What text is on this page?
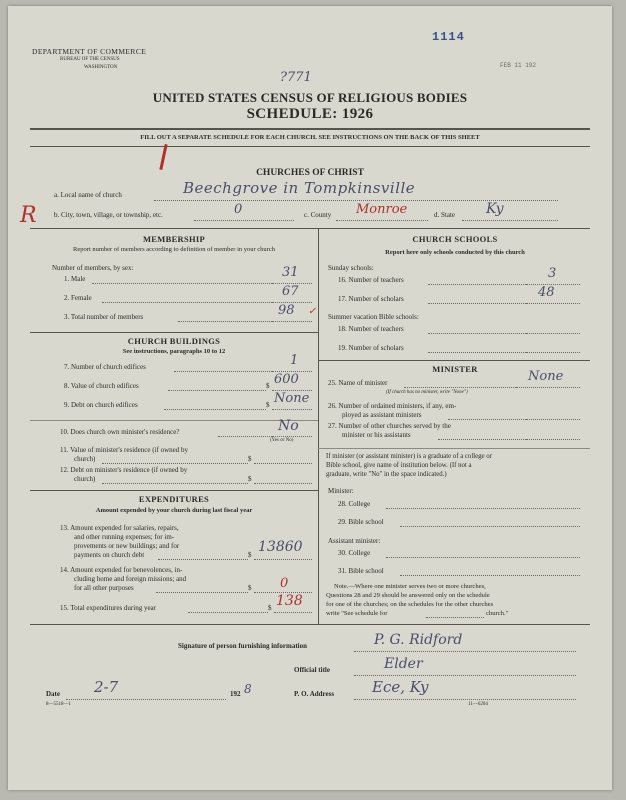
DEPARTMENT OF COMMERCE
BUREAU OF THE CENSUS
WASHINGTON
1114
FEB 11 192
?771
UNITED STATES CENSUS OF RELIGIOUS BODIES
SCHEDULE: 1926
FILL OUT A SEPARATE SCHEDULE FOR EACH CHURCH. SEE INSTRUCTIONS ON THE BACK OF THIS SHEET
CHURCHES OF CHRIST
a. Local name of church	Beechgrove in Tompkinsville
R b. City, town, village, or township, etc.	0	c. County Monroe	d. State Ky
MEMBERSHIP
Report number of members according to definition of member in your church
Number of members, by sex:
1. Male	31
2. Female	67
3. Total number of members	98 ✓
CHURCH BUILDINGS
See instructions, paragraphs 10 to 12
7. Number of church edifices	1
8. Value of church edifices	$ 600
9. Debt on church edifices	$ None
10. Does church own minister's residence?	No
(Yes or No)
11. Value of minister's residence (if owned by
church)	$
12. Debt on minister's residence (if owned by
church)	$
EXPENDITURES
Amount expended by your church during last fiscal year
13. Amount expended for salaries, repairs,
and other running expenses; for im-
provements or new buildings; and for
payments on church debt	$ 13860
14. Amount expended for benevolences, in-
cluding home and foreign missions; and
for all other purposes	$ 0
15. Total expenditures during year	$ 138
CHURCH SCHOOLS
Report here only schools conducted by this church
Sunday schools:
16. Number of teachers	3
17. Number of scholars	48
Summer vacation Bible schools:
18. Number of teachers
19. Number of scholars
MINISTER
25. Name of minister	None
(If church has no minister, write "None")
26. Number of ordained ministers, if any, em-
ployed as assistant ministers
27. Number of other churches served by the
minister or his assistants
If minister (or assistant minister) is a graduate of a college or
Bible school, give name of institution below. (If not a
graduate, write "No" in the space indicated.)
Minister:
28. College
29. Bible school
Assistant minister:
30. College
31. Bible school
Note.—Where one minister serves two or more churches,
Questions 28 and 29 should be answered only on the schedule
for one of the churches; on the schedules for the other churches
write "See schedule for	church."
Signature of person furnishing information	P. G. Ridford
Official title	Elder
Date 2-7	192 8	P. O. Address	Ece, Ky
8—5518—1	11—6204
